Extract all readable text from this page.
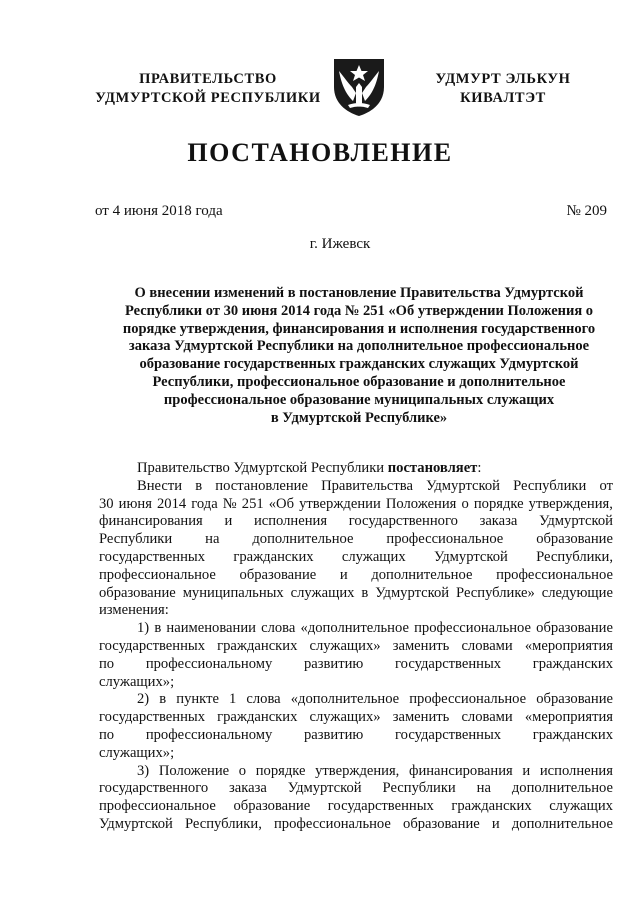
ПРАВИТЕЛЬСТВО
УДМУРТСКОЙ РЕСПУБЛИКИ
УДМУРТ ЭЛЬКУН
КИВАЛТЭТ
ПОСТАНОВЛЕНИЕ
от 4 июня 2018 года	№ 209
г. Ижевск
О внесении изменений в постановление Правительства Удмуртской
Республики от 30 июня 2014 года № 251 «Об утверждении Положения о
порядке утверждения, финансирования и исполнения государственного
заказа Удмуртской Республики на дополнительное профессиональное
образование государственных гражданских служащих Удмуртской
Республики, профессиональное образование и дополнительное
профессиональное образование муниципальных служащих
в Удмуртской Республике»
Правительство Удмуртской Республики постановляет:
Внести в постановление Правительства Удмуртской Республики от
30 июня 2014 года № 251 «Об утверждении Положения о порядке утверждения,
финансирования и исполнения государственного заказа Удмуртской
Республики на дополнительное профессиональное образование
государственных гражданских служащих Удмуртской Республики,
профессиональное образование и дополнительное профессиональное
образование муниципальных служащих в Удмуртской Республике» следующие
изменения:
1) в наименовании слова «дополнительное профессиональное образование
государственных гражданских служащих» заменить словами «мероприятия
по профессиональному развитию государственных гражданских
служащих»;
2) в пункте 1 слова «дополнительное профессиональное образование
государственных гражданских служащих» заменить словами «мероприятия
по профессиональному развитию государственных гражданских
служащих»;
3) Положение о порядке утверждения, финансирования и исполнения
государственного заказа Удмуртской Республики на дополнительное
профессиональное образование государственных гражданских служащих
Удмуртской Республики, профессиональное образование и дополнительное
